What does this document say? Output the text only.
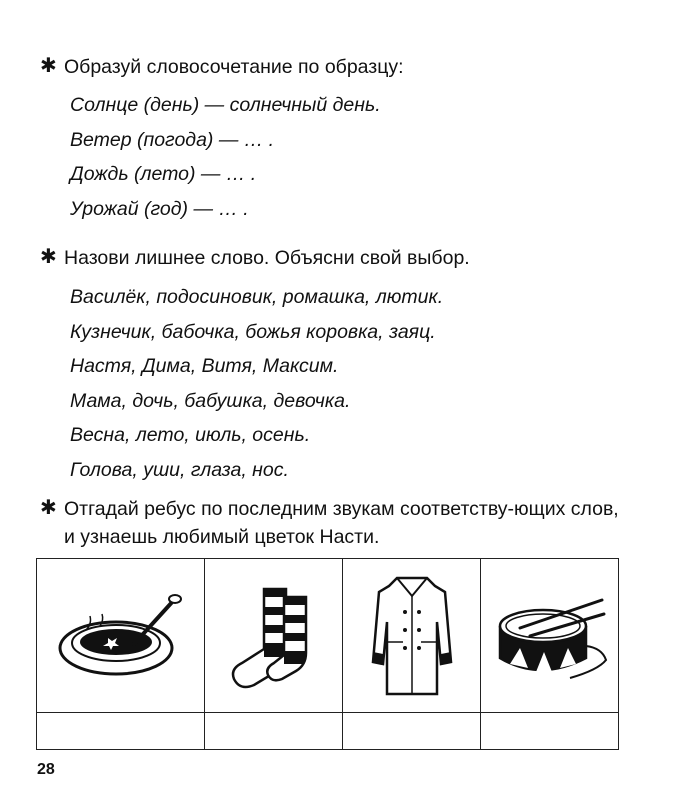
✱ Образуй словосочетание по образцу:
Солнце (день) — солнечный день.
Ветер (погода) — … .
Дождь (лето) — … .
Урожай (год) — … .
✱ Назови лишнее слово. Объясни свой выбор.
Василёк, подосиновик, ромашка, лютик.
Кузнечик, бабочка, божья коровка, заяц.
Настя, Дима, Витя, Максим.
Мама, дочь, бабушка, девочка.
Весна, лето, июль, осень.
Голова, уши, глаза, нос.
✱ Отгадай ребус по последним звукам соответству-ющих слов, и узнаешь любимый цветок Насти.

28
